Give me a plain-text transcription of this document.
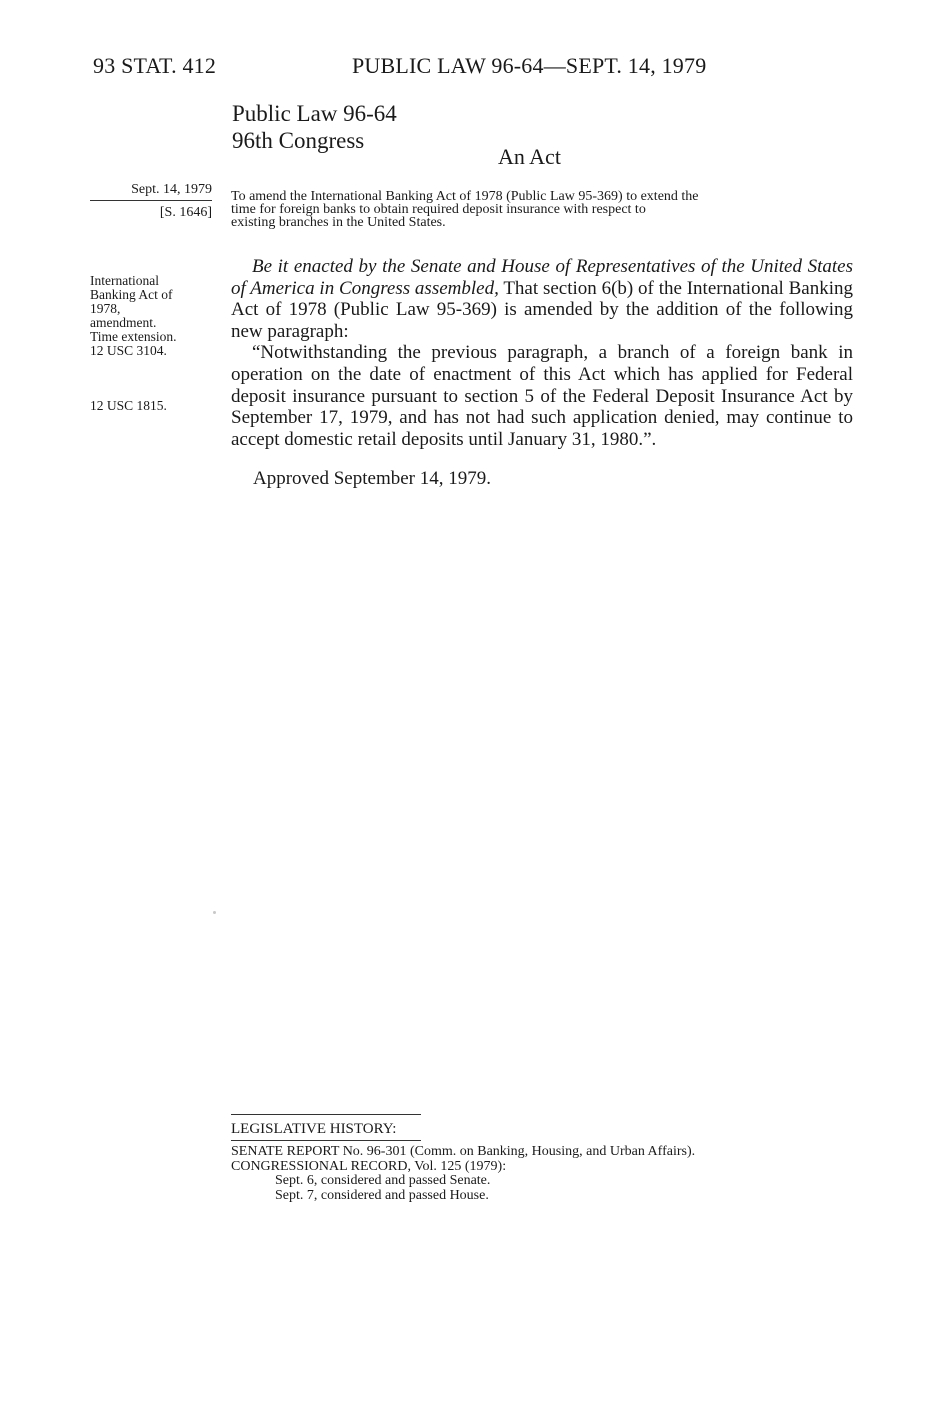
93 STAT. 412	PUBLIC LAW 96-64—SEPT. 14, 1979
Public Law 96-64
96th Congress
An Act
Sept. 14, 1979
[S. 1646]
To amend the International Banking Act of 1978 (Public Law 95-369) to extend the
time for foreign banks to obtain required deposit insurance with respect to
existing branches in the United States.
International
Banking Act of
1978,
amendment.
Time extension.
12 USC 3104.
12 USC 1815.

Be it enacted by the Senate and House of Representatives of the United States of America in Congress assembled, That section 6(b) of the International Banking Act of 1978 (Public Law 95-369) is amended by the addition of the following new paragraph:

“Notwithstanding the previous paragraph, a branch of a foreign bank in operation on the date of enactment of this Act which has applied for Federal deposit insurance pursuant to section 5 of the Federal Deposit Insurance Act by September 17, 1979, and has not had such application denied, may continue to accept domestic retail deposits until January 31, 1980.”.

Approved September 14, 1979.
LEGISLATIVE HISTORY:
SENATE REPORT No. 96-301 (Comm. on Banking, Housing, and Urban Affairs).
CONGRESSIONAL RECORD, Vol. 125 (1979):
Sept. 6, considered and passed Senate.
Sept. 7, considered and passed House.
